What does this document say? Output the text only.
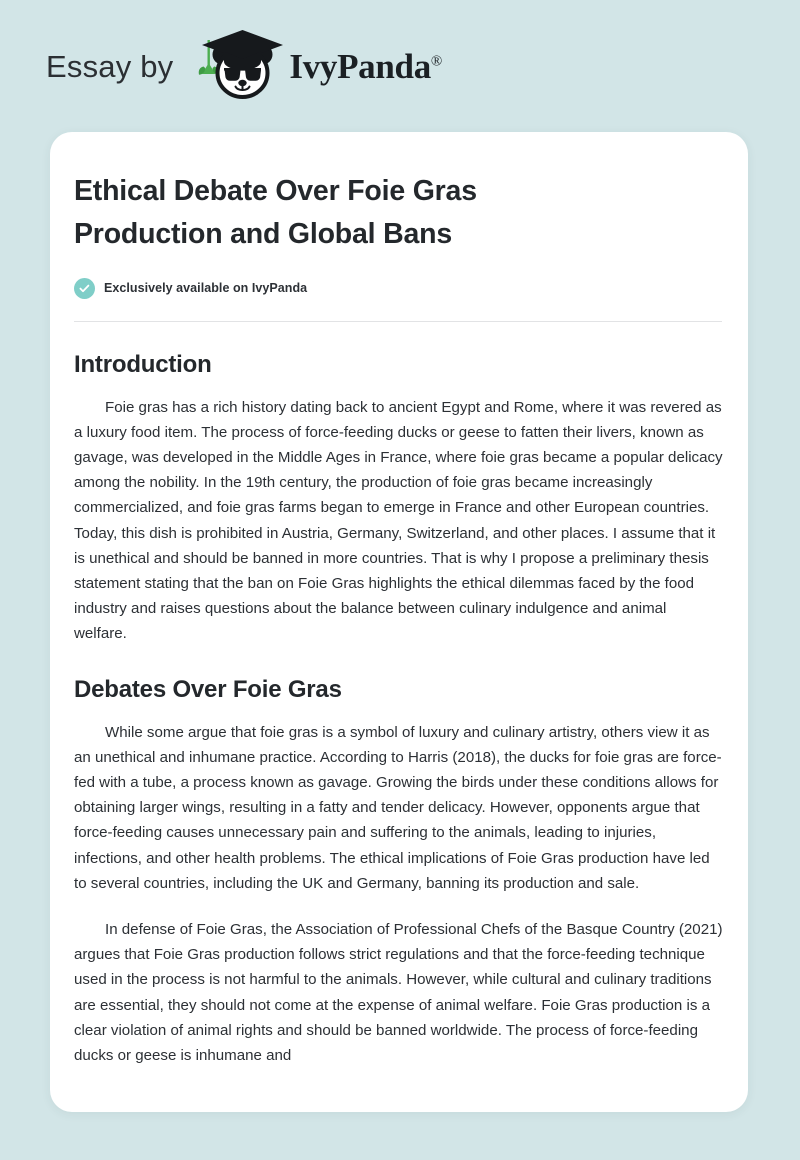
Essay by	IvyPanda®
Ethical Debate Over Foie Gras Production and Global Bans
Exclusively available on IvyPanda
Introduction

Foie gras has a rich history dating back to ancient Egypt and Rome, where it was revered as a luxury food item. The process of force-feeding ducks or geese to fatten their livers, known as gavage, was developed in the Middle Ages in France, where foie gras became a popular delicacy among the nobility. In the 19th century, the production of foie gras became increasingly commercialized, and foie gras farms began to emerge in France and other European countries. Today, this dish is prohibited in Austria, Germany, Switzerland, and other places. I assume that it is unethical and should be banned in more countries. That is why I propose a preliminary thesis statement stating that the ban on Foie Gras highlights the ethical dilemmas faced by the food industry and raises questions about the balance between culinary indulgence and animal welfare.

Debates Over Foie Gras

While some argue that foie gras is a symbol of luxury and culinary artistry, others view it as an unethical and inhumane practice. According to Harris (2018), the ducks for foie gras are force-fed with a tube, a process known as gavage. Growing the birds under these conditions allows for obtaining larger wings, resulting in a fatty and tender delicacy. However, opponents argue that force-feeding causes unnecessary pain and suffering to the animals, leading to injuries, infections, and other health problems. The ethical implications of Foie Gras production have led to several countries, including the UK and Germany, banning its production and sale.

In defense of Foie Gras, the Association of Professional Chefs of the Basque Country (2021) argues that Foie Gras production follows strict regulations and that the force-feeding technique used in the process is not harmful to the animals. However, while cultural and culinary traditions are essential, they should not come at the expense of animal welfare. Foie Gras production is a clear violation of animal rights and should be banned worldwide. The process of force-feeding ducks or geese is inhumane and
